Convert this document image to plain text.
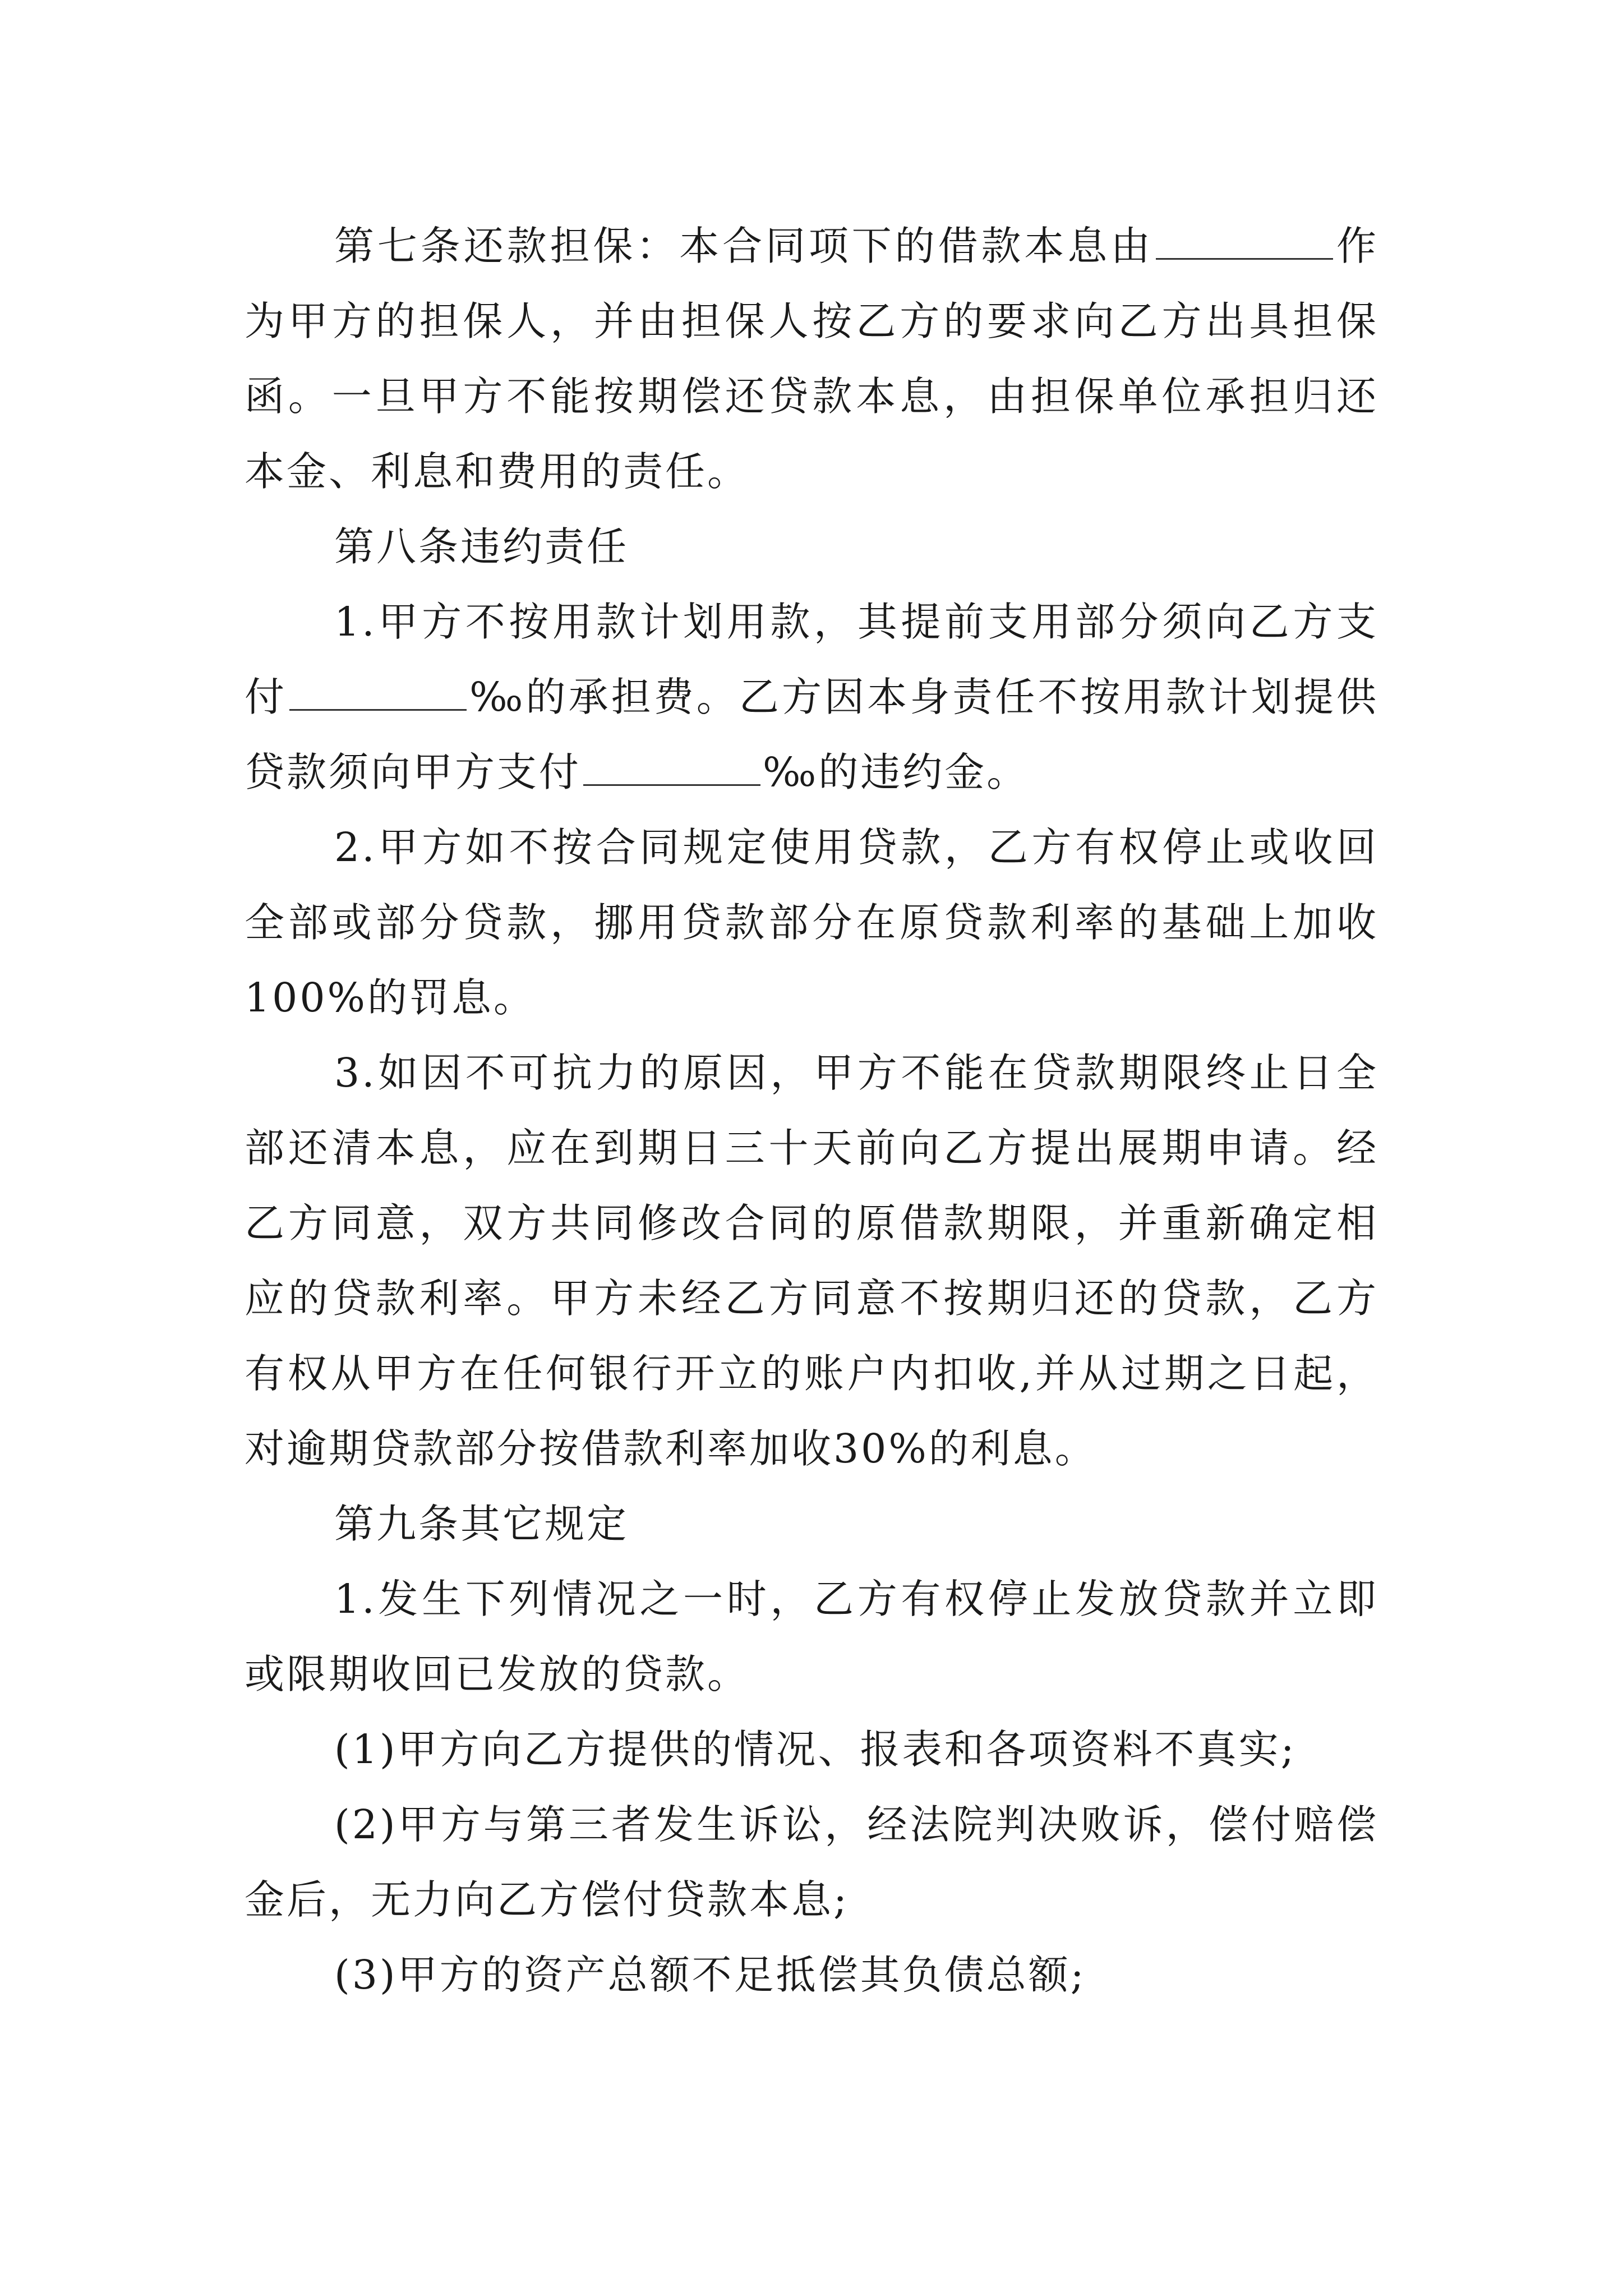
第七条还款担保：本合同项下的借款本息由	作为甲方的担保人，并由担保人按乙方的要求向乙方出具担保函。一旦甲方不能按期偿还贷款本息，由担保单位承担归还本金、利息和费用的责任。

第八条违约责任

1.甲方不按用款计划用款，其提前支用部分须向乙方支付	‰的承担费。乙方因本身责任不按用款计划提供贷款须向甲方支付	‰的违约金。

2.甲方如不按合同规定使用贷款，乙方有权停止或收回全部或部分贷款，挪用贷款部分在原贷款利率的基础上加收100%的罚息。

3.如因不可抗力的原因，甲方不能在贷款期限终止日全部还清本息，应在到期日三十天前向乙方提出展期申请。经乙方同意，双方共同修改合同的原借款期限，并重新确定相应的贷款利率。甲方未经乙方同意不按期归还的贷款，乙方有权从甲方在任何银行开立的账户内扣收,并从过期之日起，对逾期贷款部分按借款利率加收30%的利息。

第九条其它规定

1.发生下列情况之一时，乙方有权停止发放贷款并立即或限期收回已发放的贷款。

(1)甲方向乙方提供的情况、报表和各项资料不真实;

(2)甲方与第三者发生诉讼，经法院判决败诉，偿付赔偿金后，无力向乙方偿付贷款本息;

(3)甲方的资产总额不足抵偿其负债总额;
